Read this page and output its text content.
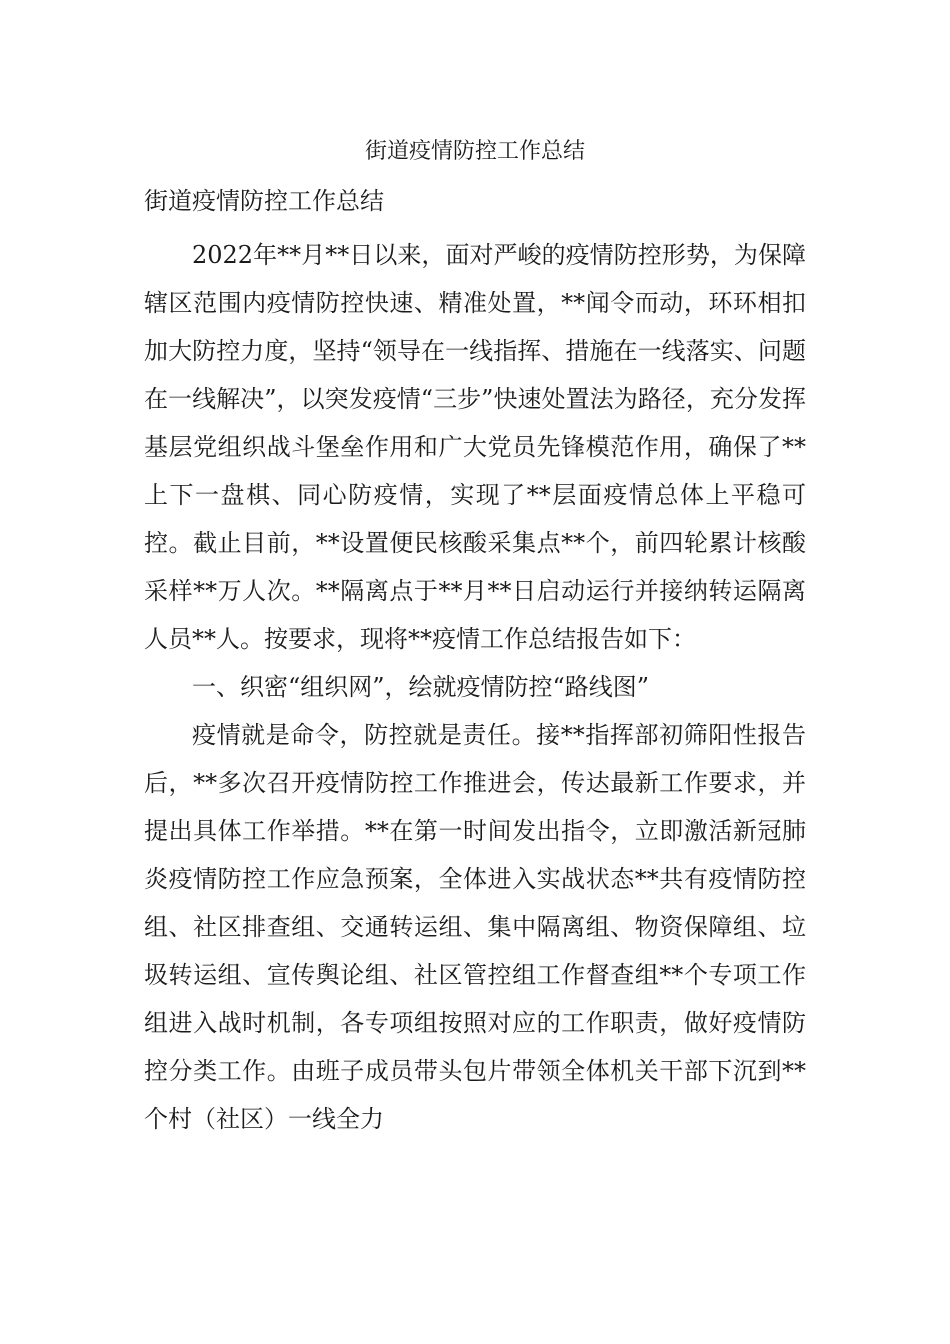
街道疫情防控工作总结

街道疫情防控工作总结

2022年**月**日以来，面对严峻的疫情防控形势，为保障辖区范围内疫情防控快速、精准处置，**闻令而动，环环相扣加大防控力度，坚持“领导在一线指挥、措施在一线落实、问题在一线解决”，以突发疫情“三步”快速处置法为路径，充分发挥基层党组织战斗堡垒作用和广大党员先锋模范作用，确保了**上下一盘棋、同心防疫情，实现了**层面疫情总体上平稳可控。截止目前，**设置便民核酸采集点**个，前四轮累计核酸采样**万人次。**隔离点于**月**日启动运行并接纳转运隔离人员**人。按要求，现将**疫情工作总结报告如下：

一、织密“组织网”，绘就疫情防控“路线图”

疫情就是命令，防控就是责任。接**指挥部初筛阳性报告后，**多次召开疫情防控工作推进会，传达最新工作要求，并提出具体工作举措。**在第一时间发出指令，立即激活新冠肺炎疫情防控工作应急预案，全体进入实战状态**共有疫情防控组、社区排查组、交通转运组、集中隔离组、物资保障组、垃圾转运组、宣传舆论组、社区管控组工作督查组**个专项工作组进入战时机制，各专项组按照对应的工作职责，做好疫情防控分类工作。由班子成员带头包片带领全体机关干部下沉到**个村（社区）一线全力
